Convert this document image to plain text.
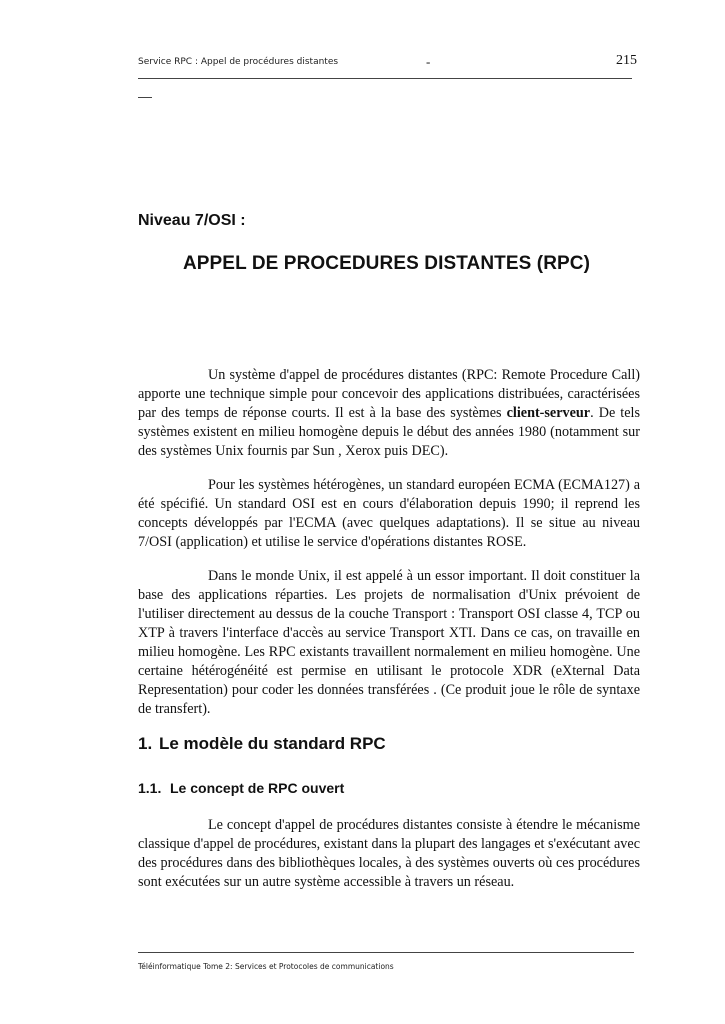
Service RPC : Appel de procédures distantes	-	215
Niveau 7/OSI :
APPEL DE PROCEDURES DISTANTES (RPC)

Un système d'appel de procédures distantes (RPC: Remote Procedure Call) apporte une technique simple pour concevoir des applications distribuées, caractérisées par des temps de réponse courts. Il est à la base des systèmes client-serveur. De tels systèmes existent en milieu homogène depuis le début des années 1980 (notamment sur des systèmes Unix fournis par Sun , Xerox puis DEC).

Pour les systèmes hétérogènes, un standard européen ECMA (ECMA127) a été spécifié. Un standard OSI est en cours d'élaboration depuis 1990; il reprend les concepts développés par l'ECMA (avec quelques adaptations). Il se situe au niveau 7/OSI (application) et utilise le service d'opérations distantes ROSE.

Dans le monde Unix, il est appelé à un essor important. Il doit constituer la base des applications réparties. Les projets de normalisation d'Unix prévoient de l'utiliser directement au dessus de la couche Transport : Transport OSI classe 4, TCP ou XTP à travers l'interface d'accès au service Transport XTI. Dans ce cas, on travaille en milieu homogène. Les RPC existants travaillent normalement en milieu homogène. Une certaine hétérogénéité est permise en utilisant le protocole XDR (eXternal Data Representation) pour coder les données transférées . (Ce produit joue le rôle de syntaxe de transfert).

1. Le modèle du standard RPC
1.1. Le concept de RPC ouvert

Le concept d'appel de procédures distantes consiste à étendre le mécanisme classique d'appel de procédures, existant dans la plupart des langages et s'exécutant avec des procédures dans des bibliothèques locales, à des systèmes ouverts où ces procédures sont exécutées sur un autre système accessible à travers un réseau.

Téléinformatique Tome 2: Services et Protocoles de communications
